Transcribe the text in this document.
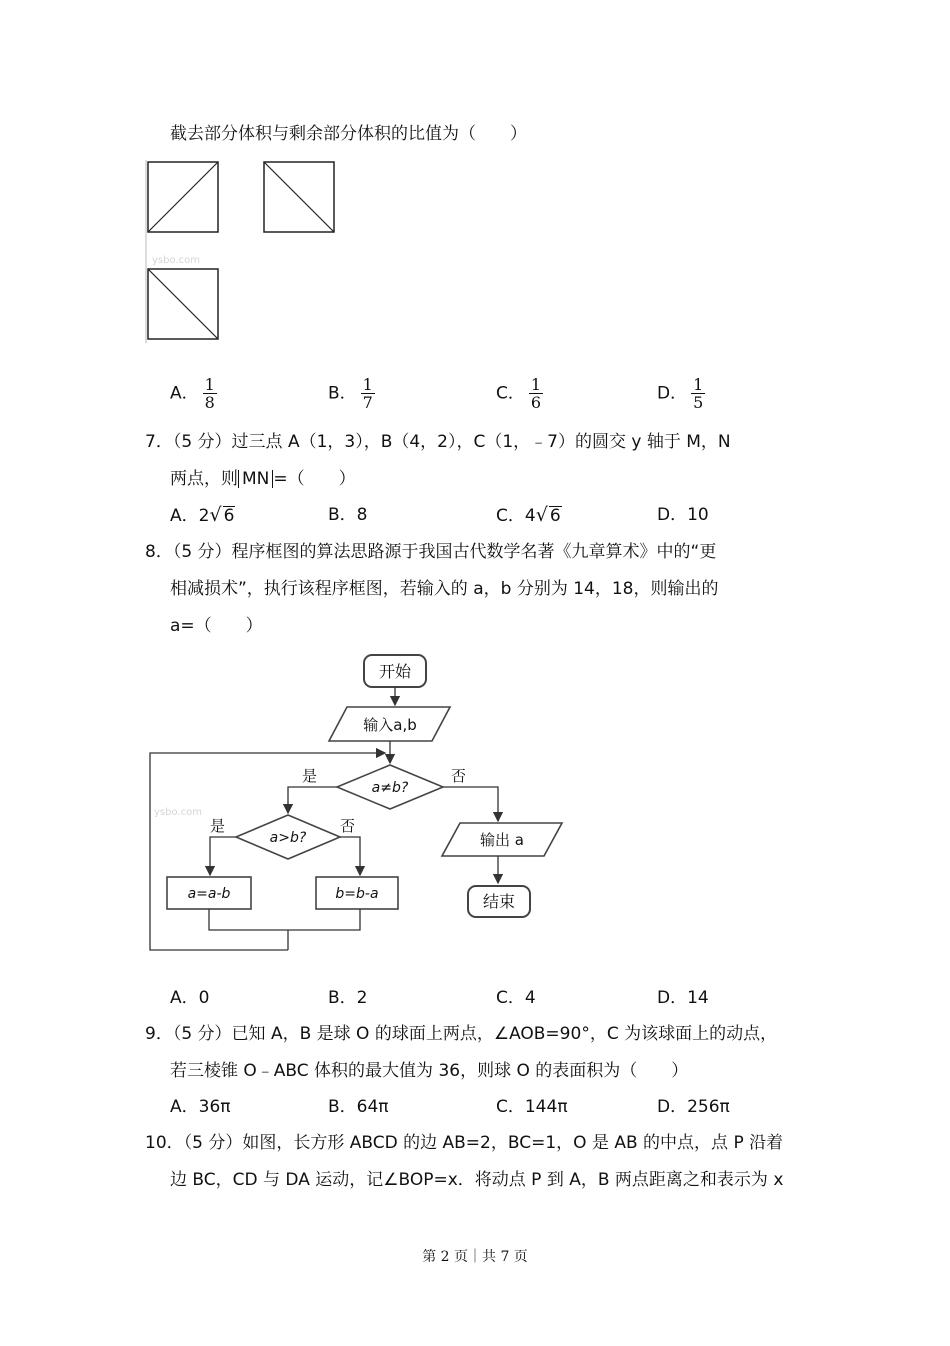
截去部分体积与剩余部分体积的比值为（　　）
ysbo.com
A． $\frac{1}{8}$	B． $\frac{1}{7}$	C． $\frac{1}{6}$	D． $\frac{1}{5}$
7．（5 分）过三点 A（1，3），B（4，2），C（1，﹣7）的圆交 y 轴于 M，N
两点，则 MN =（　　）
A．2√ 6	B．8	C．4√ 6	D．10
8．（5 分）程序框图的算法思路源于我国古代数学名著《九章算术》中的“更
相减损术”，执行该程序框图，若输入的 a，b 分别为 14，18，则输出的
a=（　　）
开始
输入a,b
a≠b?
是	否
a>b?
是	否
ysbo.com
a=a-b	b=b-a
输出 a
结束
A．0	B．2	C．4	D．14
9．（5 分）已知 A，B 是球 O 的球面上两点，∠AOB=90°，C 为该球面上的动点，
若三棱锥 O﹣ABC 体积的最大值为 36，则球 O 的表面积为（　　）
A．36π	B．64π	C．144π	D．256π
10．（5 分）如图，长方形 ABCD 的边 AB=2，BC=1，O 是 AB 的中点，点 P 沿着
边 BC，CD 与 DA 运动，记∠BOP=x．将动点 P 到 A，B 两点距离之和表示为 x
第 2 页｜共 7 页
